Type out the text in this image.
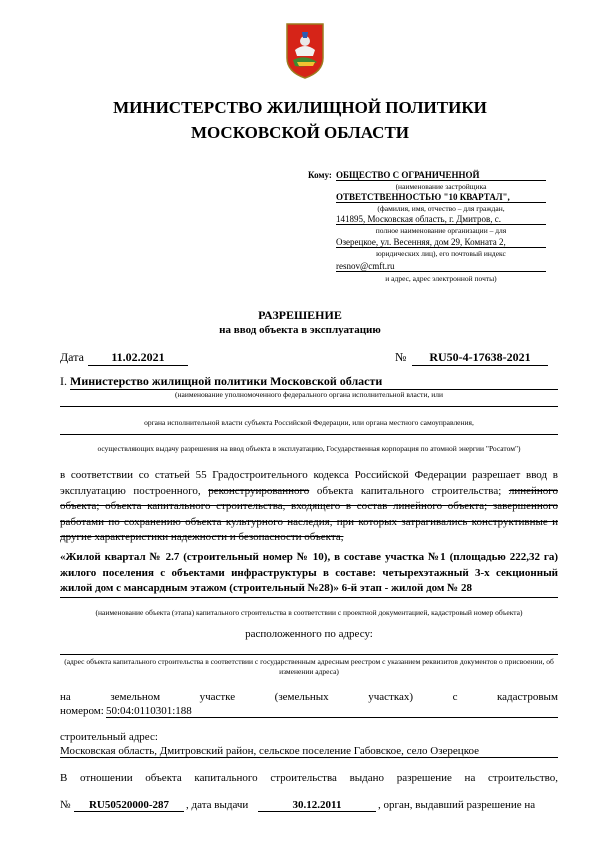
МИНИСТЕРСТВО ЖИЛИЩНОЙ ПОЛИТИКИ
МОСКОВСКОЙ ОБЛАСТИ
Кому: ОБЩЕСТВО С ОГРАНИЧЕННОЙ
(наименование застройщика
ОТВЕТСТВЕННОСТЬЮ "10 КВАРТАЛ",
(фамилия, имя, отчество – для граждан,
141895, Московская область, г. Дмитров, с.
полное наименование организации – для
Озерецкое, ул. Весенняя, дом 29, Комната 2,
юридических лиц), его почтовый индекс
resnov@cmft.ru
и адрес, адрес электронной почты)
РАЗРЕШЕНИЕ
на ввод объекта в эксплуатацию
Дата	11.02.2021	№	RU50-4-17638-2021
I. Министерство жилищной политики Московской области
(наименование уполномоченного федерального органа исполнительной власти, или
органа исполнительной власти субъекта Российской Федерации, или органа местного самоуправления,
осуществляющих выдачу разрешения на ввод объекта в эксплуатацию, Государственная корпорация по атомной энергии "Росатом")
в соответствии со статьей 55 Градостроительного кодекса Российской Федерации разрешает ввод в эксплуатацию построенного, реконструированного объекта капитального строительства; линейного объекта; объекта капитального строительства, входящего в состав линейного объекта; завершенного работами по сохранению объекта культурного наследия, при которых затрагивались конструктивные и другие характеристики надежности и безопасности объекта,
«Жилой квартал № 2.7 (строительный номер № 10), в составе участка №1 (площадью 222,32 га) жилого поселения с объектами инфраструктуры в составе: четырехэтажный 3-х секционный жилой дом с мансардным этажом (строительный №28)» 6-й этап - жилой дом № 28
(наименование объекта (этапа) капитального строительства в соответствии с проектной документацией, кадастровый номер объекта)
расположенного по адресу:
(адрес объекта капитального строительства в соответствии с государственным адресным реестром с указанием реквизитов документов о присвоении, об изменении адреса)
на	земельном	участке	(земельных	участках)	с	кадастровым
номером: 50:04:0110301:188
строительный адрес:
Московская область, Дмитровский район, сельское поселение Габовское, село Озерецкое
В отношении объекта капитального строительства выдано разрешение на строительство,
№	RU50520000-287	, дата выдачи	30.12.2011	, орган, выдавший разрешение на
